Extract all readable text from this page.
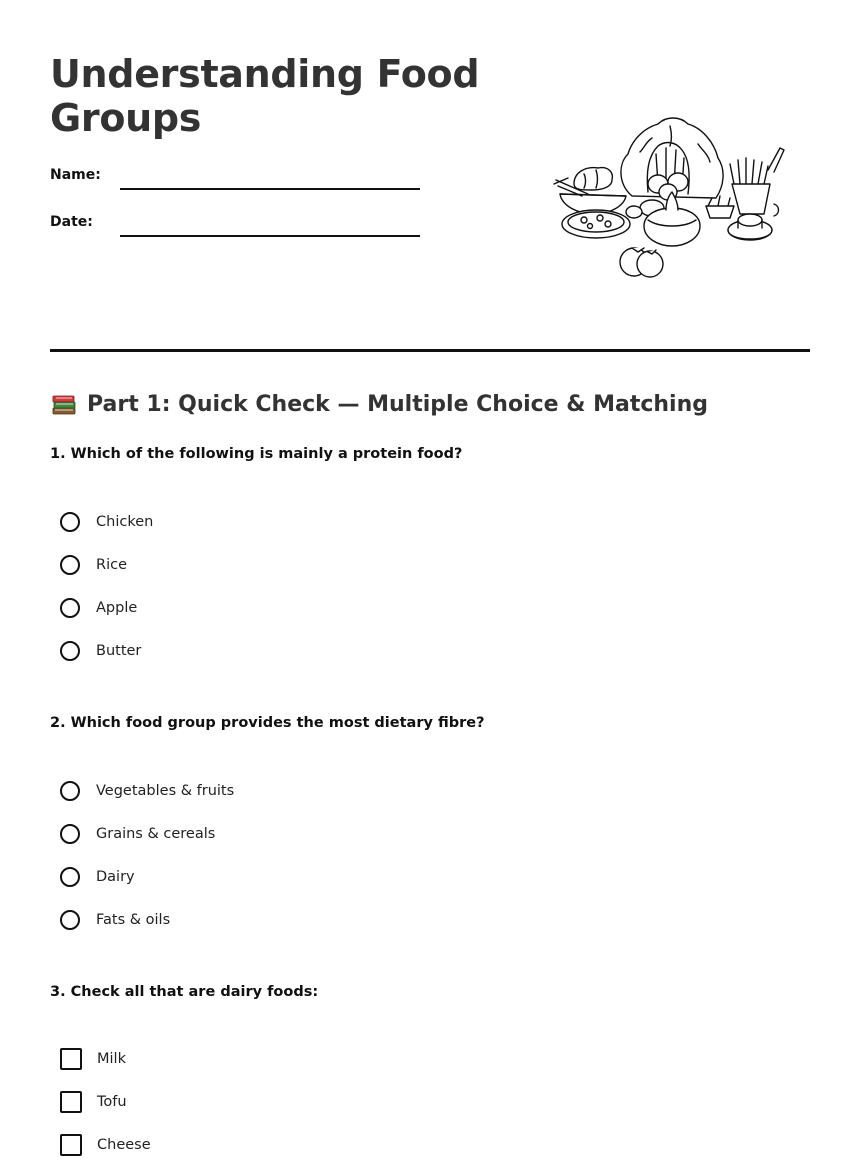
Understanding Food
Groups
Name:
Date:
Part 1: Quick Check — Multiple Choice & Matching

1. Which of the following is mainly a protein food?

Chicken
Rice
Apple
Butter

2. Which food group provides the most dietary fibre?

Vegetables & fruits
Grains & cereals
Dairy
Fats & oils

3. Check all that are dairy foods:

Milk
Tofu
Cheese
